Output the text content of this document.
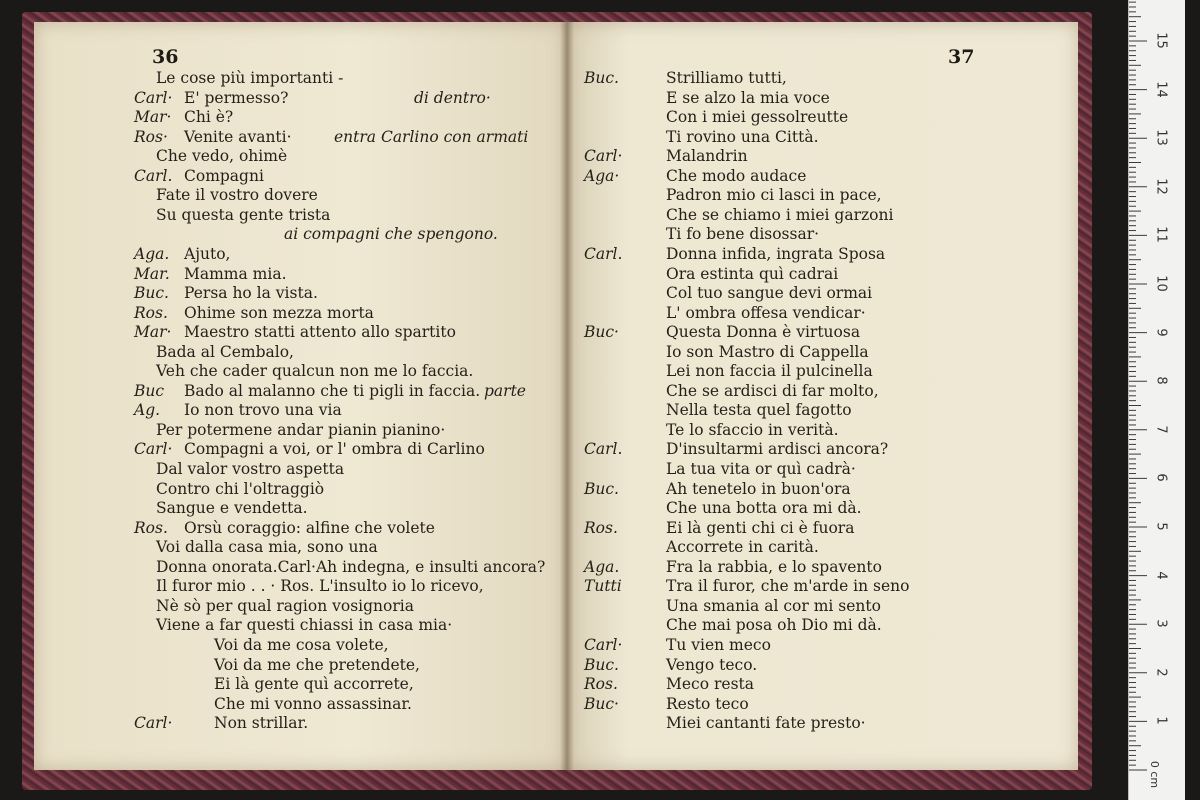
36
Le cose più importanti -
Carl· E' permesso?	di dentro·
Mar· Chi è?
Ros· Venite avanti·	entra Carlino con armati
Che vedo, ohimè
Carl. Compagni
Fate il vostro dovere
Su questa gente trista
ai compagni che spengono.
Aga. Ajuto,
Mar. Mamma mia.
Buc. Persa ho la vista.
Ros. Ohime son mezza morta
Mar· Maestro statti attento allo spartito
Bada al Cembalo,
Veh che cader qualcun non me lo faccia.
Buc Bado al malanno che ti pigli in faccia. parte
Ag. Io non trovo una via
Per potermene andar pianin pianino·
Carl· Compagni a voi, or l' ombra di Carlino
Dal valor vostro aspetta
Contro chi l'oltraggiò
Sangue e vendetta.
Ros. Orsù coraggio: alfine che volete
Voi dalla casa mia, sono una
Donna onorata.Carl·Ah indegna, e insulti ancora?
Il furor mio . . · Ros. L'insulto io lo ricevo,
Nè sò per qual ragion vosignoria
Viene a far questi chiassi in casa mia·
Voi da me cosa volete,
Voi da me che pretendete,
Ei là gente quì accorrete,
Che mi vonno assassinar.
Carl·	Non strillar.
37
Buc.	Strilliamo tutti,
E se alzo la mia voce
Con i miei gessolreutte
Ti rovino una Città.
Carl·	Malandrin
Aga·	Che modo audace
Padron mio ci lasci in pace,
Che se chiamo i miei garzoni
Ti fo bene disossar·
Carl.	Donna infida, ingrata Sposa
Ora estinta quì cadrai
Col tuo sangue devi ormai
L' ombra offesa vendicar·
Buc·	Questa Donna è virtuosa
Io son Mastro di Cappella
Lei non faccia il pulcinella
Che se ardisci di far molto,
Nella testa quel fagotto
Te lo sfaccio in verità.
Carl.	D'insultarmi ardisci ancora?
La tua vita or quì cadrà·
Buc.	Ah tenetelo in buon'ora
Che una botta ora mi dà.
Ros.	Ei là genti chi ci è fuora
Accorrete in carità.
Aga.	Fra la rabbia, e lo spavento
Tutti	Tra il furor, che m'arde in seno
Una smania al cor mi sento
Che mai posa oh Dio mi dà.
Carl·	Tu vien meco
Buc.	Vengo teco.
Ros.	Meco resta
Buc·	Resto teco
Miei cantanti fate presto·
15
14
13
12
11
10
9
8
7
6
5
4
3
2
1
0 cm
